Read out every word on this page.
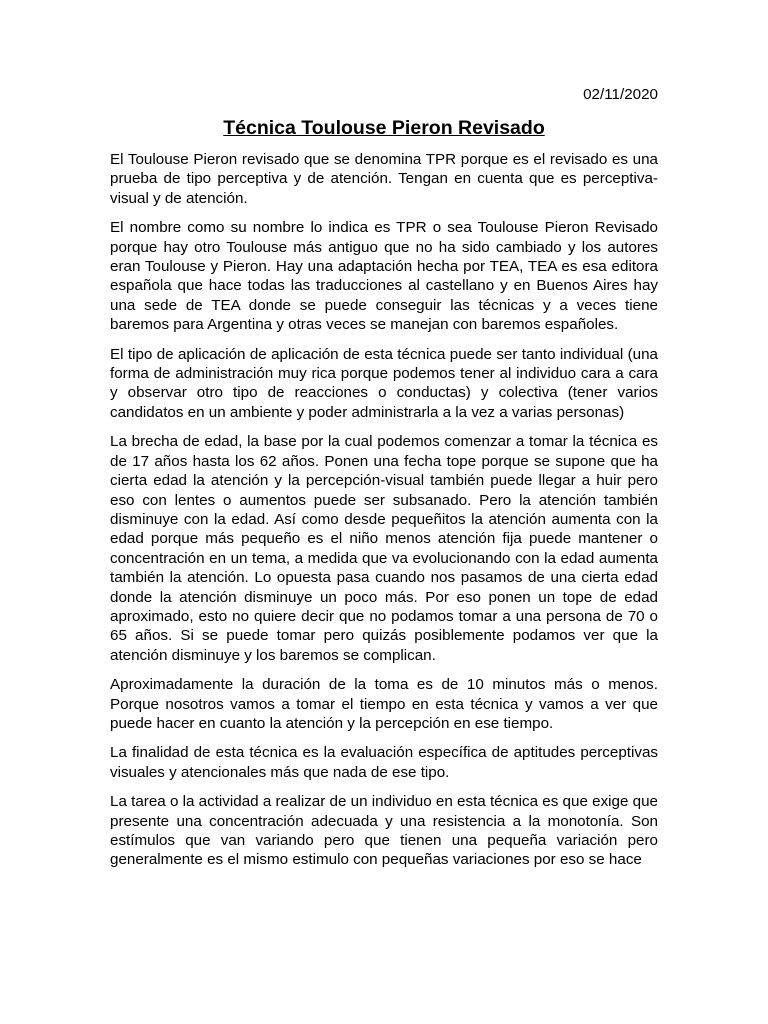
02/11/2020

Técnica Toulouse Pieron Revisado

El Toulouse Pieron revisado que se denomina TPR porque es el revisado es una prueba de tipo perceptiva y de atención. Tengan en cuenta que es perceptiva-visual y de atención.

El nombre como su nombre lo indica es TPR o sea Toulouse Pieron Revisado porque hay otro Toulouse más antiguo que no ha sido cambiado y los autores eran Toulouse y Pieron. Hay una adaptación hecha por TEA, TEA es esa editora española que hace todas las traducciones al castellano y en Buenos Aires hay una sede de TEA donde se puede conseguir las técnicas y a veces tiene baremos para Argentina y otras veces se manejan con baremos españoles.

El tipo de aplicación de aplicación de esta técnica puede ser tanto individual (una forma de administración muy rica porque podemos tener al individuo cara a cara y observar otro tipo de reacciones o conductas) y colectiva (tener varios candidatos en un ambiente y poder administrarla a la vez a varias personas)

La brecha de edad, la base por la cual podemos comenzar a tomar la técnica es de 17 años hasta los 62 años. Ponen una fecha tope porque se supone que ha cierta edad la atención y la percepción-visual también puede llegar a huir pero eso con lentes o aumentos puede ser subsanado. Pero la atención también disminuye con la edad. Así como desde pequeñitos la atención aumenta con la edad porque más pequeño es el niño menos atención fija puede mantener o concentración en un tema, a medida que va evolucionando con la edad aumenta también la atención. Lo opuesta pasa cuando nos pasamos de una cierta edad donde la atención disminuye un poco más. Por eso ponen un tope de edad aproximado, esto no quiere decir que no podamos tomar a una persona de 70 o 65 años. Si se puede tomar pero quizás posiblemente podamos ver que la atención disminuye y los baremos se complican.

Aproximadamente la duración de la toma es de 10 minutos más o menos. Porque nosotros vamos a tomar el tiempo en esta técnica y vamos a ver que puede hacer en cuanto la atención y la percepción en ese tiempo.

La finalidad de esta técnica es la evaluación específica de aptitudes perceptivas visuales y atencionales más que nada de ese tipo.

La tarea o la actividad a realizar de un individuo en esta técnica es que exige que presente una concentración adecuada y una resistencia a la monotonía. Son estímulos que van variando pero que tienen una pequeña variación pero generalmente es el mismo estimulo con pequeñas variaciones por eso se hace
